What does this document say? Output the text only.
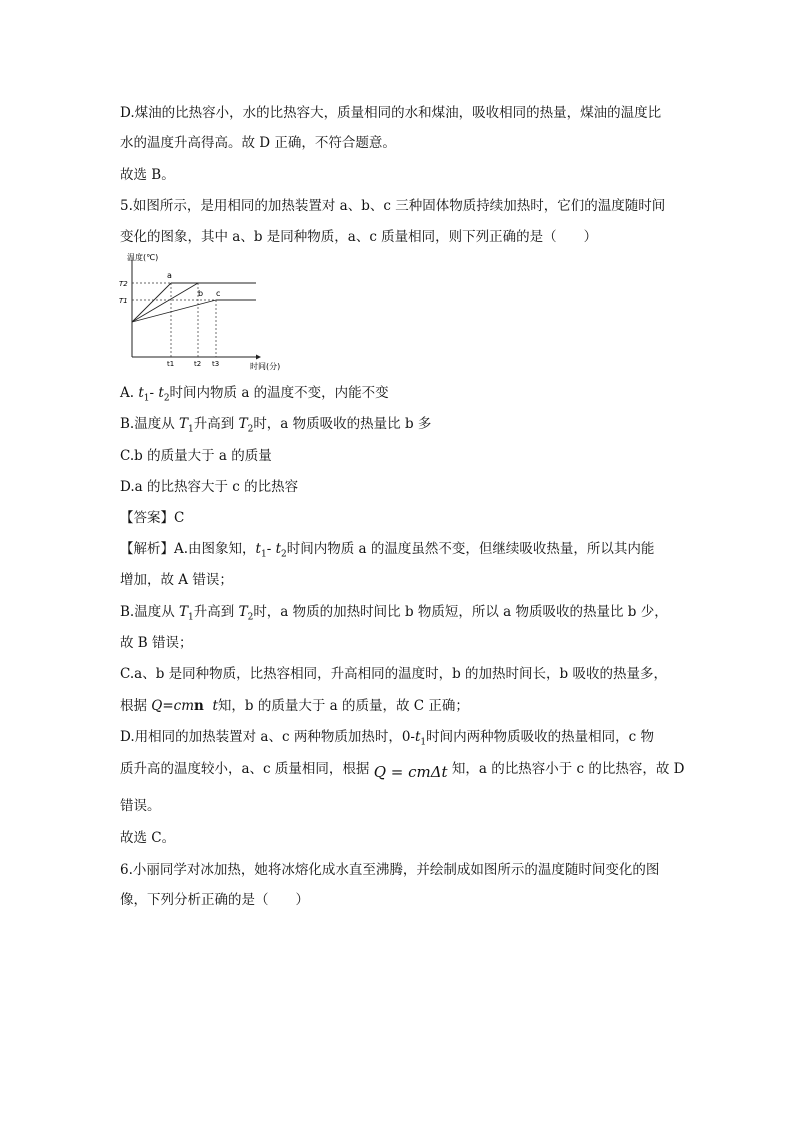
D.煤油的比热容小，水的比热容大，质量相同的水和煤油，吸收相同的热量，煤油的温度比
水的温度升高得高。故 D 正确，不符合题意。
故选 B。
5.如图所示，是用相同的加热装置对 a、b、c 三种固体物质持续加热时，它们的温度随时间
变化的图象，其中 a、b 是同种物质，a、c 质量相同，则下列正确的是（　　）
温度(℃)
时间(分)
a
b c
T2
T1
t1	t2 t3
A. $t_1-$ $t_2$时间内物质 a 的温度不变，内能不变
B.温度从 $T_1$升高到 $T_2$时，a 物质吸收的热量比 b 多
C.b 的质量大于 a 的质量
D.a 的比热容大于 c 的比热容
【答案】C
【解析】A.由图象知，$t_1-$ $t_2$时间内物质 a 的温度虽然不变，但继续吸收热量，所以其内能
增加，故 A 错误；
B.温度从 $T_1$升高到 $T_2$时，a 物质的加热时间比 b 物质短，所以 a 物质吸收的热量比 b 少，
故 B 错误；
C.a、b 是同种物质，比热容相同，升高相同的温度时，b 的加热时间长，b 吸收的热量多，
根据 Q=cmn t知，b 的质量大于 a 的质量，故 C 正确；
D.用相同的加热装置对 a、c 两种物质加热时，$0-t_1$时间内两种物质吸收的热量相同，c 物
质升高的温度较小，a、c 质量相同，根据 Q = cmΔt 知，a 的比热容小于 c 的比热容，故 D
错误。
故选 C。
6.小丽同学对冰加热，她将冰熔化成水直至沸腾，并绘制成如图所示的温度随时间变化的图
像，下列分析正确的是（　　）
